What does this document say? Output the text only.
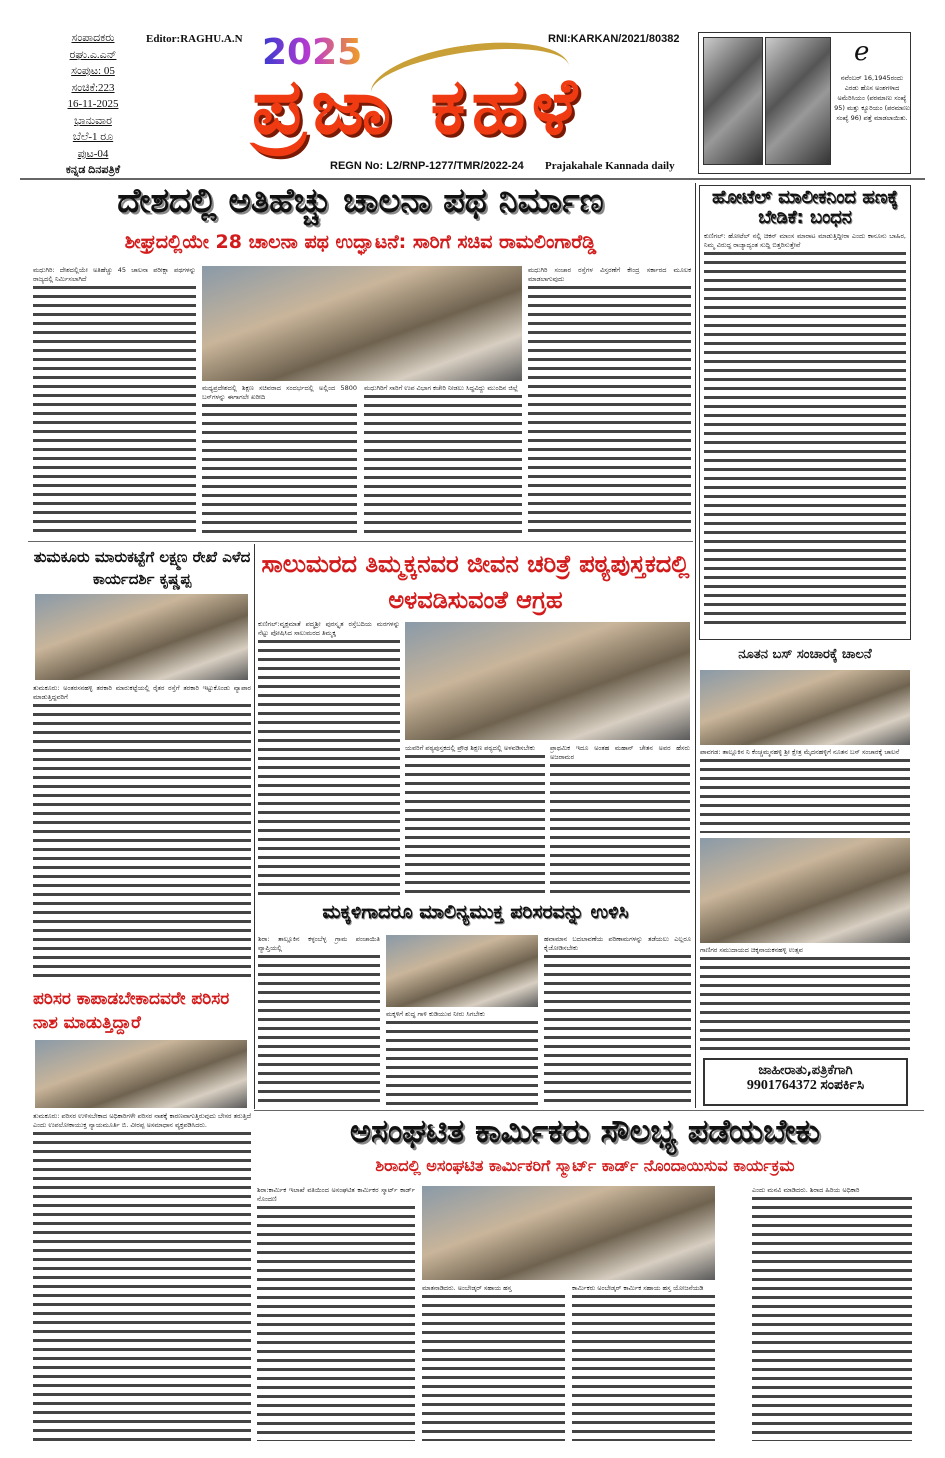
ಸಂಪಾದಕರು
ರಘು.ಎ.ಎನ್
ಸಂಪುಟ: 05
ಸಂಚಿಕೆ:223
16-11-2025
ಭಾನುವಾರ
ಬೆಲೆ-1 ರೂ
ಪುಟ-04
ಕನ್ನಡ ದಿನಪತ್ರಿಕೆ
Editor:RAGHU.A.N	RNI:KARKAN/2021/80382
2025
ಪ್ರಜಾ ಕಹಳೆ
REGN No: L2/RNP-1277/TMR/2022-24 Prajakahale Kannada daily
e
ನವೆಂಬರ್ 16,1945ರಂದು ಎರಡು ಹೊಸ ಅಂಶಗಳಾದ ಅಮೆರಿಸಿಯಂ (ಪರಮಾಣು ಸಂಖ್ಯೆ 95) ಮತ್ತು ಕ್ಯೂರಿಯಂ (ಪರಮಾಣು ಸಂಖ್ಯೆ 96) ಪತ್ತೆ ಮಾಡಲಾಯಿತು.
ದೇಶದಲ್ಲಿ ಅತಿಹೆಚ್ಚು ಚಾಲನಾ ಪಥ ನಿರ್ಮಾಣ
ಶೀಘ್ರದಲ್ಲಿಯೇ 28 ಚಾಲನಾ ಪಥ ಉದ್ಘಾಟನೆ: ಸಾರಿಗೆ ಸಚಿವ ರಾಮಲಿಂಗಾರೆಡ್ಡಿ
ಮಧುಗಿರಿ: ದೇಶದಲ್ಲಿಯೇ ಅತಿಹೆಚ್ಚು 45 ಚಾಲನಾ ಪರೀಕ್ಷಾ ಪಥಗಳನ್ನು ರಾಜ್ಯದಲ್ಲಿ ನಿರ್ಮಿಸಲಾಗಿದೆ
ಮಧ್ಯಪ್ರದೇಶದಲ್ಲಿ ಶಿಕ್ಷಣ ಸಚಿವರಾದ ಸಂದರ್ಭದಲ್ಲಿ ಅಲ್ಲಿಂದ 5800 ಬಸ್‌ಗಳನ್ನು ಈಗಾಗಲೇ ಖರೀದಿ
ಮಧುಗಿರಿಗೆ ಸಾರಿಗೆ ಉಪ ವಿಭಾಗ ಕಚೇರಿ ನೀಡಲು ಸಿದ್ಧವಿದ್ದು ಮುಂದಿನ ಜಿಲ್ಲೆ
ಮಧುಗಿರಿ ಸಂಚಾರ ರಸ್ತೆಗಳ ವಿಸ್ತರಣೆಗೆ ಕೇಂದ್ರ ಸರ್ಕಾರದ ಮೂಲಕ ಮಾಡಲಾಗುವುದು
ಹೋಟೆಲ್ ಮಾಲೀಕನಿಂದ ಹಣಕ್ಕೆ ಬೇಡಿಕೆ: ಬಂಧನ
ಕುಣಿಗಲ್: ಹೋಟೆಲ್ ನಲ್ಲಿ ಚಿಕನ್ ಮಾಂಸ ಮಾರಾಟ ಮಾಡುತ್ತಿದ್ದೀರಾ ಎಂದು ಕಾನೂನು ಬಾಹಿರ, ನಿಮ್ಮ ವಿರುದ್ಧ ರಾಜ್ಯಾದ್ಯಂತ ಸುದ್ದಿ ಬಿತ್ತರಿಸುತ್ತೇವೆ
ನೂತನ ಬಸ್ ಸಂಚಾರಕ್ಕೆ ಚಾಲನೆ
ಪಾವಗಡ: ತಾಲ್ಲೂಕಿನ ನಿ ಕೆಂಚ್ಚಮ್ಮನಹಳ್ಳಿ ಶ್ರೀ ಕ್ಷೇತ್ರ ಮೈದನಹಳ್ಳಿಗೆ ನೂತನ ಬಸ್ ಸಂಚಾರಕ್ಕೆ ಚಾಲನೆ
ಗಾಣಿಗರ ಸಮುದಾಯದ ಚಿಕ್ಕನಾಯಕನಹಳ್ಳಿ ಉತ್ಸವ
ಜಾಹೀರಾತು,ಪತ್ರಿಕೆಗಾಗಿ
9901764372 ಸಂಪರ್ಕಿಸಿ
ತುಮಕೂರು ಮಾರುಕಟ್ಟೆಗೆ ಲಕ್ಷ್ಮಣ ರೇಖೆ ಎಳೆದ ಕಾರ್ಯದರ್ಶಿ ಕೃಷ್ಣಪ್ಪ
ತುಮಕೂರು: ಅಂತರಸನಹಳ್ಳಿ ತರಕಾರಿ ಮಾರುಕಟ್ಟೆಯಲ್ಲಿ ರೈತರ ರಸ್ತೆಗೆ ತರಕಾರಿ ಇಟ್ಟುಕೊಂಡು ವ್ಯಾಪಾರ ಮಾಡುತ್ತಿದ್ದವರಿಗೆ
ಪರಿಸರ ಕಾಪಾಡಬೇಕಾದವರೇ ಪರಿಸರ ನಾಶ ಮಾಡುತ್ತಿದ್ದಾರೆ
ತುಮಕೂರು: ಪರಿಸರ ಉಳಿಸಬೇಕಾದ ಅಧಿಕಾರಿಗಳೇ ಪರಿಸರ ನಾಶಕ್ಕೆ ಕಾರಣವಾಗುತ್ತಿರುವುದು ಬೇಸರ ತರುತ್ತಿದೆ ಎಂದು ಉಪಲೋಕಾಯುಕ್ತ ನ್ಯಾಯಮೂರ್ತಿ ಬಿ. ವೀರಪ್ಪ ಅಸಮಾಧಾನ ವ್ಯಕ್ತಪಡಿಸಿದರು.
ಸಾಲುಮರದ ತಿಮ್ಮಕ್ಕನವರ ಜೀವನ ಚರಿತ್ರೆ ಪಠ್ಯಪುಸ್ತಕದಲ್ಲಿ ಅಳವಡಿಸುವಂತೆ ಆಗ್ರಹ
ಕುಣಿಗಲ್:ವೃಕ್ಷಮಾತೆ ಪದ್ಮಶ್ರೀ ಪುರಸ್ಕೃತ ರಸ್ತೆಬದಿಯ ಮರಗಳನ್ನು ನೆಟ್ಟು ಪೋಷಿಸಿದ ಸಾಲುಮರದ ತಿಮ್ಮಕ್ಕ
ಯವರಿಗೆ ಪಠ್ಯಪುಸ್ತಕದಲ್ಲಿ ಪ್ರೌಢ ಶಿಕ್ಷಣ ಪಠ್ಯದಲ್ಲಿ ಅಳವಡಿಸಬೇಕು	ಪ್ರಾಥಮಿಕ ಇದೂ ಅಂತಹ ಮಹಾನ್ ಚೇತನ ಅವರ ಹೆಸರು ಅಜರಾಮರ
ಮಕ್ಕಳಿಗಾದರೂ ಮಾಲಿನ್ಯಮುಕ್ತ ಪರಿಸರವನ್ನು ಉಳಿಸಿ
ಶಿರಾ: ತಾಲ್ಲೂಕಿನ ಕಳ್ಳಂಬೆಳ್ಳ ಗ್ರಾಮ ಪಂಚಾಯಿತಿ ವ್ಯಾಪ್ತಿಯಲ್ಲಿ
ಮಕ್ಕಳಿಗೆ ಶುದ್ಧ ಗಾಳಿ ಕುಡಿಯುವ ನೀರು ಸಿಗಬೇಕು
ಹವಾಮಾನ ಬದಲಾವಣೆಯ ಪರಿಣಾಮಗಳನ್ನು ತಡೆಯಲು ಎಲ್ಲರೂ ಕೈಜೋಡಿಸಬೇಕು
ಅಸಂಘಟಿತ ಕಾರ್ಮಿಕರು ಸೌಲಭ್ಯ ಪಡೆಯಬೇಕು
ಶಿರಾದಲ್ಲಿ ಅಸಂಘಟಿತ ಕಾರ್ಮಿಕರಿಗೆ ಸ್ಮಾರ್ಟ್ ಕಾರ್ಡ್ ನೊಂದಾಯಿಸುವ ಕಾರ್ಯಕ್ರಮ
ಶಿರಾ:ಕಾರ್ಮಿಕ ಇಲಾಖೆ ವತಿಯಿಂದ ಅಸಂಘಟಿತ ಕಾರ್ಮಿಕರ ಸ್ಮಾರ್ಟ್ ಕಾರ್ಡ್ ನೊಂದಣಿ
ಮಾತನಾಡಿದರು. ಅಂಬೇಡ್ಕರ್ ಸಹಾಯ ಹಸ್ತ	ಕಾರ್ಮಿಕರು ಅಂಬೇಡ್ಕರ್ ಕಾರ್ಮಿಕ ಸಹಾಯ ಹಸ್ತ ಯೋಜನೆಯಡಿ
ಎಂದು ಮನವಿ ಮಾಡಿದರು. ಶಿರಾದ ಹಿರಿಯ ಅಧಿಕಾರಿ
